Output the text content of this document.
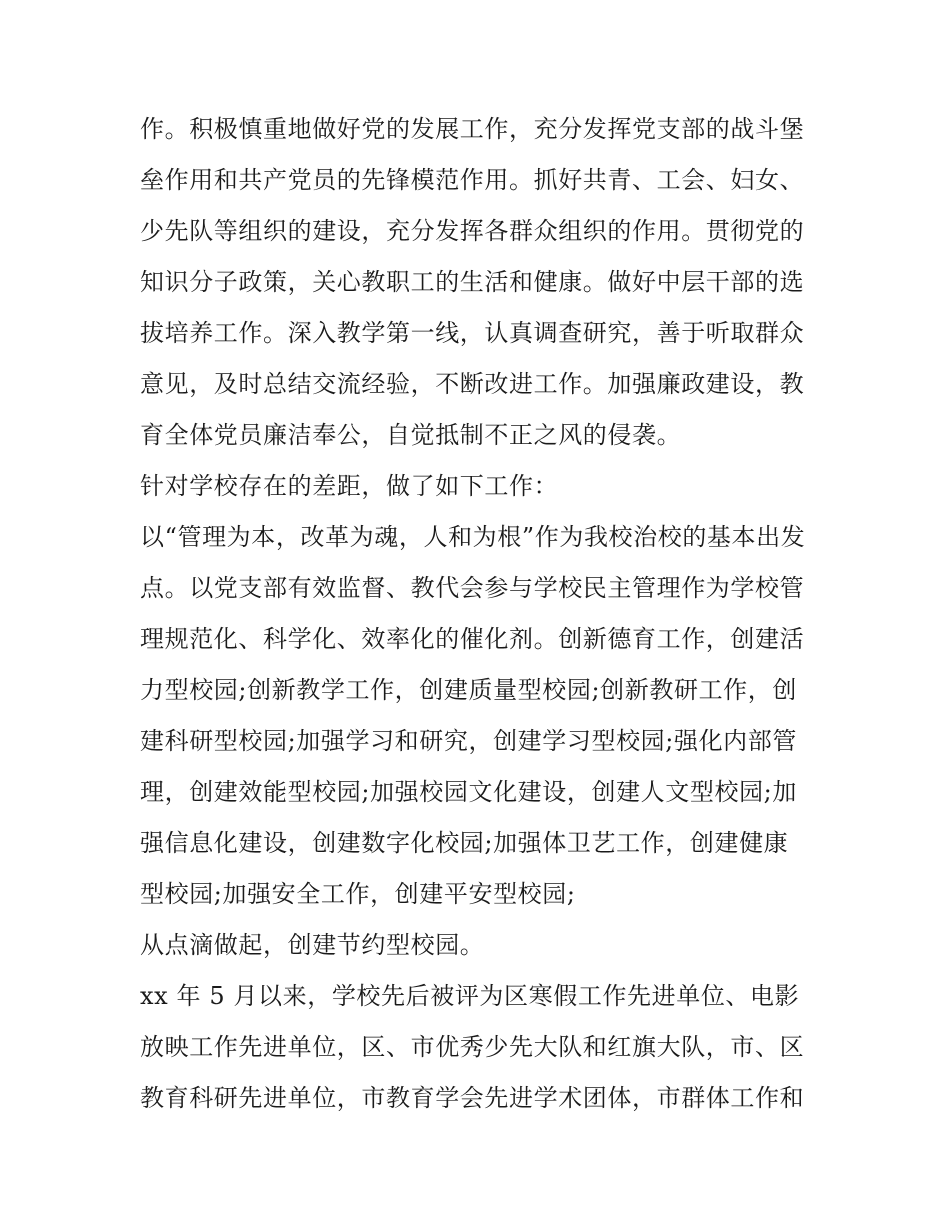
作。积极慎重地做好党的发展工作，充分发挥党支部的战斗堡
垒作用和共产党员的先锋模范作用。抓好共青、工会、妇女、
少先队等组织的建设，充分发挥各群众组织的作用。贯彻党的
知识分子政策，关心教职工的生活和健康。做好中层干部的选
拔培养工作。深入教学第一线，认真调查研究，善于听取群众
意见，及时总结交流经验，不断改进工作。加强廉政建设，教
育全体党员廉洁奉公，自觉抵制不正之风的侵袭。
针对学校存在的差距，做了如下工作：
以“管理为本，改革为魂，人和为根”作为我校治校的基本出发
点。以党支部有效监督、教代会参与学校民主管理作为学校管
理规范化、科学化、效率化的催化剂。创新德育工作，创建活
力型校园;创新教学工作，创建质量型校园;创新教研工作，创
建科研型校园;加强学习和研究，创建学习型校园;强化内部管
理，创建效能型校园;加强校园文化建设，创建人文型校园;加
强信息化建设，创建数字化校园;加强体卫艺工作，创建健康
型校园;加强安全工作，创建平安型校园;
从点滴做起，创建节约型校园。
xx 年 5 月以来，学校先后被评为区寒假工作先进单位、电影
放映工作先进单位，区、市优秀少先大队和红旗大队，市、区
教育科研先进单位，市教育学会先进学术团体，市群体工作和
